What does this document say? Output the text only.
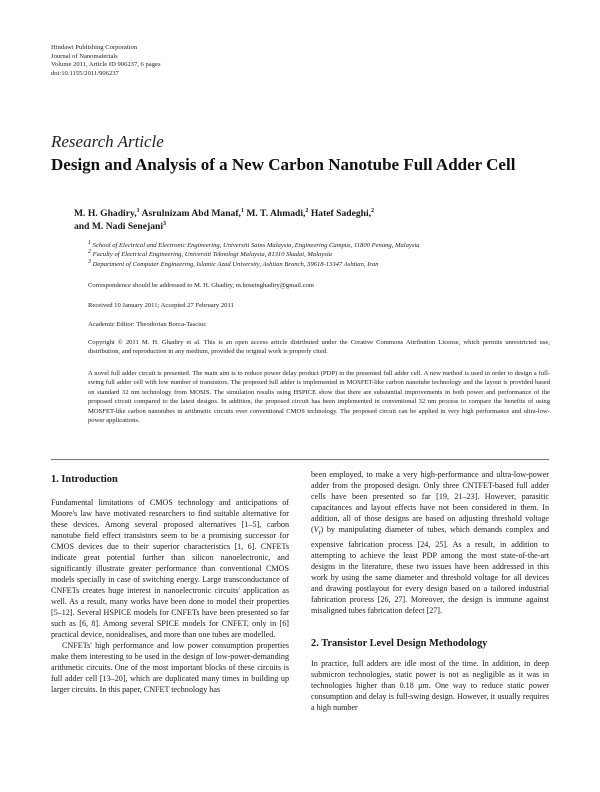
Hindawi Publishing Corporation
Journal of Nanomaterials
Volume 2011, Article ID 906237, 6 pages
doi:10.1155/2011/906237
Research Article
Design and Analysis of a New Carbon Nanotube Full Adder Cell
M. H. Ghadiry,$^1$ Asrulnizam Abd Manaf,$^1$ M. T. Ahmadi,$^2$ Hatef Sadeghi,$^2$
and M. Nadi Senejani$^3$
$^1$ School of Electrical and Electronic Engineering, Universiti Sains Malaysia, Engineering Campus, 11800 Penang, Malaysia
$^2$ Faculty of Electrical Engineering, Universiti Teknologi Malaysia, 81310 Skudai, Malaysia
$^3$ Department of Computer Engineering, Islamic Azad University, Ashtian Branch, 39618-13347 Ashtian, Iran
Correspondence should be addressed to M. H. Ghadiry, m.hoseinghadiry@gmail.com
Received 10 January 2011; Accepted 27 February 2011
Academic Editor: Theodorian Borca-Tasciuc
Copyright © 2011 M. H. Ghadiry et al. This is an open access article distributed under the Creative Commons Attribution License, which permits unrestricted use, distribution, and reproduction in any medium, provided the original work is properly cited.
A novel full adder circuit is presented. The main aim is to reduce power delay product (PDP) in the presented full adder cell. A new method is used in order to design a full-swing full adder cell with low number of transistors. The proposed full adder is implemented in MOSFET-like carbon nanotube technology and the layout is provided based on standard 32 nm technology from MOSIS. The simulation results using HSPICE show that there are substantial improvements in both power and performance of the proposed circuit compared to the latest designs. In addition, the proposed circuit has been implemented in conventional 32 nm process to compare the benefits of using MOSFET-like carbon nanotubes in arithmetic circuits over conventional CMOS technology. The proposed circuit can be applied in very high performance and ultra-low-power applications.
1. Introduction

Fundamental limitations of CMOS technology and anticipations of Moore's law have motivated researchers to find suitable alternative for these devices. Among several proposed alternatives [1–5], carbon nanotube field effect transistors seem to be a promising successor for CMOS devices due to their superior characteristics [1, 6]. CNFETs indicate great potential further than silicon nanoelectronic, and significantly illustrate greater performance than conventional CMOS models specially in case of switching energy. Large transconductance of CNFETs creates huge interest in nanoelectronic circuits' application as well. As a result, many works have been done to model their properties [5–12]. Several HSPICE models for CNFETs have been presented so far such as [6, 8]. Among several SPICE models for CNFET, only in [6] practical device, nonidealises, and more than one tubes are modelled.

CNFETs' high performance and low power consumption properties make them interesting to be used in the design of low-power-demanding arithmetic circuits. One of the most important blocks of these circuits is full adder cell [13–20], which are duplicated many times in building up larger circuits. In this paper, CNFET technology has

been employed, to make a very high-performance and ultra-low-power adder from the proposed design. Only three CNTFET-based full adder cells have been presented so far [19, 21–23]. However, parasitic capacitances and layout effects have not been considered in them. In addition, all of those designs are based on adjusting threshold voltage $(V_t)$ by manipulating diameter of tubes, which demands complex and expensive fabrication process [24, 25]. As a result, in addition to attempting to achieve the least PDP among the most state-of-the-art designs in the literature, these two issues have been addressed in this work by using the same diameter and threshold voltage for all devices and drawing postlayout for every design based on a tailored industrial fabrication process [26, 27]. Moreover, the design is immune against misaligned tubes fabrication defect [27].

2. Transistor Level Design Methodology

In practice, full adders are idle most of the time. In addition, in deep submicron technologies, static power is not as negligible as it was in technologies higher than 0.18 μm. One way to reduce static power consumption and delay is full-swing design. However, it usually requires a high number
